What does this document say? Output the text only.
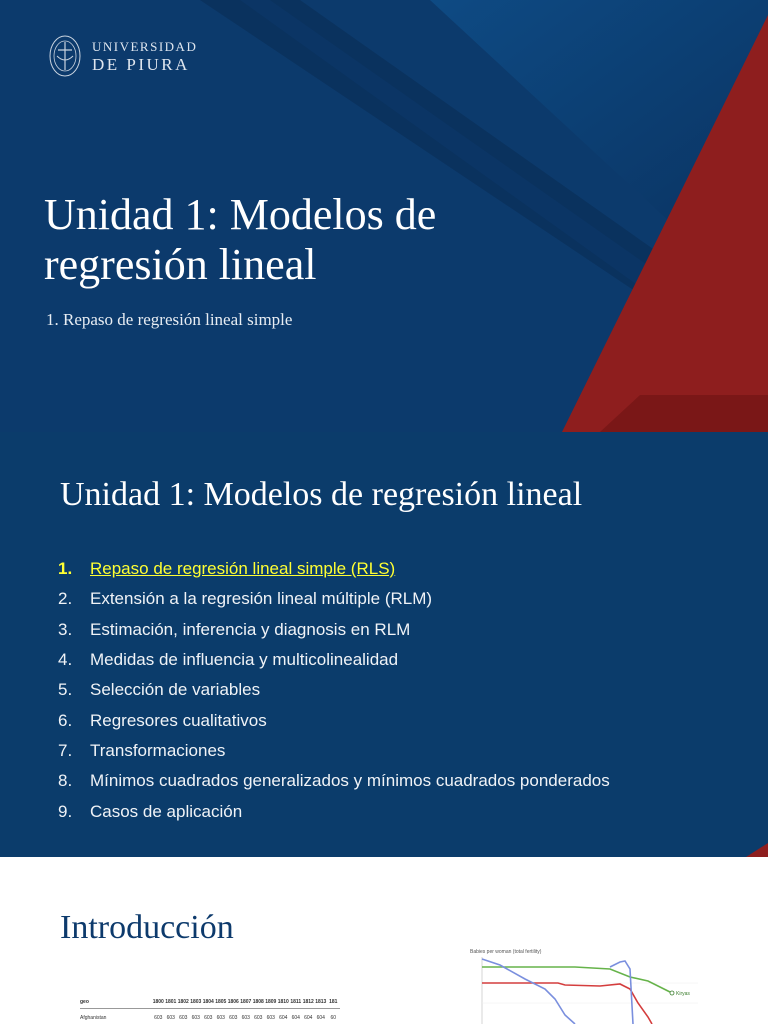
UNIVERSIDAD
DE PIURA
Unidad 1: Modelos de regresión lineal
1. Repaso de regresión lineal simple
Unidad 1: Modelos de regresión lineal
1.	Repaso de regresión lineal simple (RLS)
2.	Extensión a la regresión lineal múltiple (RLM)
3.	Estimación, inferencia y diagnosis en RLM
4.	Medidas de influencia y multicolinealidad
5.	Selección de variables
6.	Regresores cualitativos
7.	Transformaciones
8.	Mínimos cuadrados generalizados y mínimos cuadrados ponderados
9.	Casos de aplicación
Introducción
geo	1800 1801 1802 1803 1804 1805 1806 1807 1808 1809 1810 1811 1812 1813 181
Afghanistan	603 603 603 603 603 603 603 603 603 603 604 604 604 604	60
Babies per woman (total fertility)
Kiryas
